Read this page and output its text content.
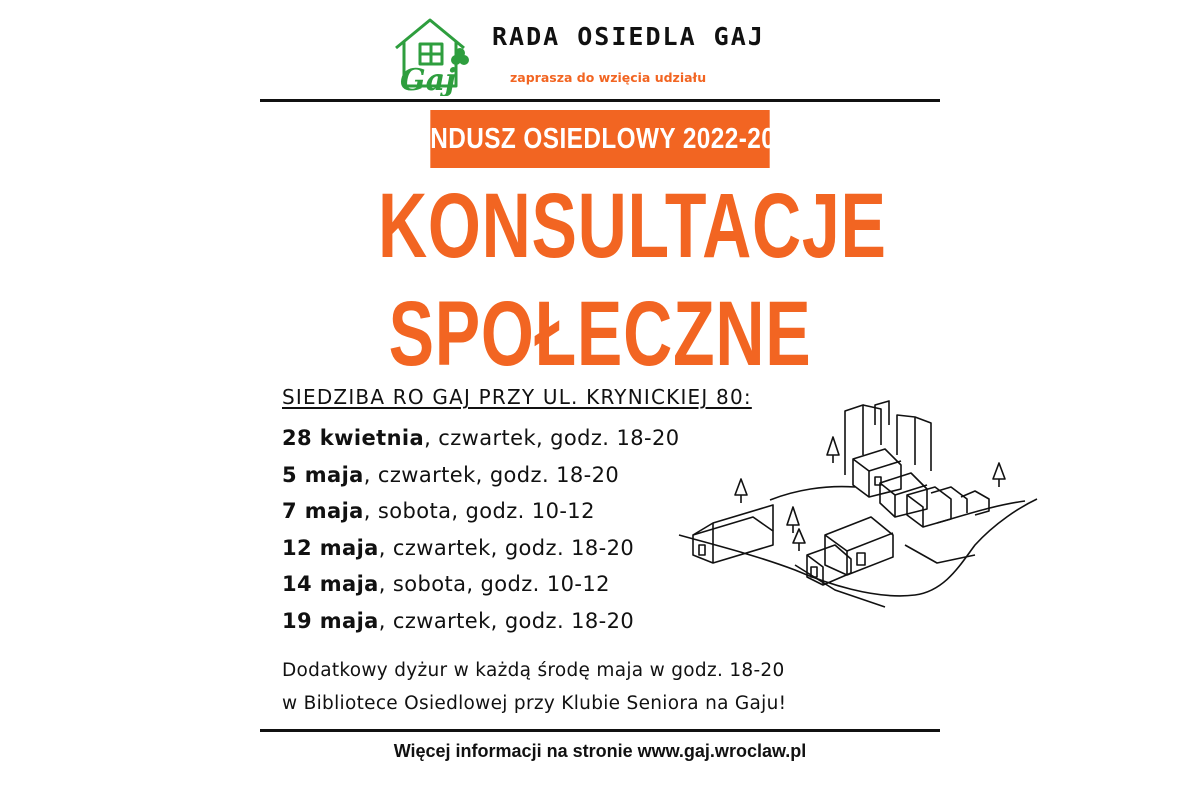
Gaj
RADA OSIEDLA GAJ
zaprasza do wzięcia udziału
FUNDUSZ OSIEDLOWY 2022-2023
KONSULTACJE
SPOŁECZNE
SIEDZIBA RO GAJ PRZY UL. KRYNICKIEJ 80:
28 kwietnia, czwartek, godz. 18-20
5 maja, czwartek, godz. 18-20
7 maja, sobota, godz. 10-12
12 maja, czwartek, godz. 18-20
14 maja, sobota, godz. 10-12
19 maja, czwartek, godz. 18-20
Dodatkowy dyżur w każdą środę maja w godz. 18-20
w Bibliotece Osiedlowej przy Klubie Seniora na Gaju!
Więcej informacji na stronie www.gaj.wroclaw.pl
